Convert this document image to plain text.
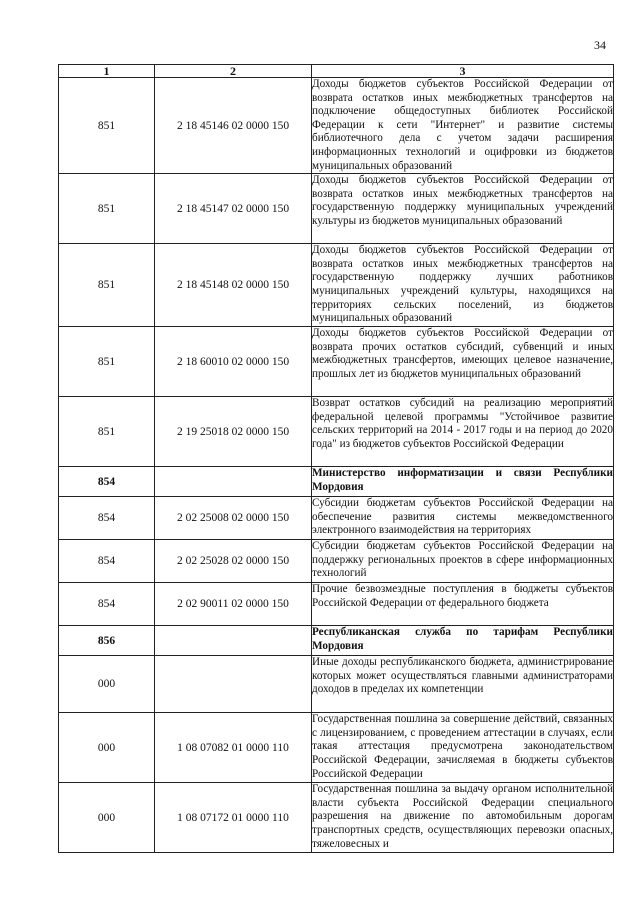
34
1	2	3
851	2 18 45146 02 0000 150	Доходы бюджетов субъектов Российской Федерации от возврата остатков иных межбюджетных трансфертов на подключение общедоступных библиотек Российской Федерации к сети "Интернет" и развитие системы библиотечного дела с учетом задачи расширения информационных технологий и оцифровки из бюджетов муниципальных образований
851	2 18 45147 02 0000 150	Доходы бюджетов субъектов Российской Федерации от возврата остатков иных межбюджетных трансфертов на государственную поддержку муниципальных учреждений культуры из бюджетов муниципальных образований
851	2 18 45148 02 0000 150	Доходы бюджетов субъектов Российской Федерации от возврата остатков иных межбюджетных трансфертов на государственную поддержку лучших работников муниципальных учреждений культуры, находящихся на территориях сельских поселений, из бюджетов муниципальных образований
851	2 18 60010 02 0000 150	Доходы бюджетов субъектов Российской Федерации от возврата прочих остатков субсидий, субвенций и иных межбюджетных трансфертов, имеющих целевое назначение, прошлых лет из бюджетов муниципальных образований
851	2 19 25018 02 0000 150	Возврат остатков субсидий на реализацию мероприятий федеральной целевой программы "Устойчивое развитие сельских территорий на 2014 - 2017 годы и на период до 2020 года" из бюджетов субъектов Российской Федерации
854		Министерство информатизации и связи Республики Мордовия
854	2 02 25008 02 0000 150	Субсидии бюджетам субъектов Российской Федерации на обеспечение развития системы межведомственного электронного взаимодействия на территориях
854	2 02 25028 02 0000 150	Субсидии бюджетам субъектов Российской Федерации на поддержку региональных проектов в сфере информационных технологий
854	2 02 90011 02 0000 150	Прочие безвозмездные поступления в бюджеты субъектов Российской Федерации от федерального бюджета
856		Республиканская служба по тарифам Республики Мордовия
000		Иные доходы республиканского бюджета, администрирование которых может осуществляться главными администраторами доходов в пределах их компетенции
000	1 08 07082 01 0000 110	Государственная пошлина за совершение действий, связанных с лицензированием, с проведением аттестации в случаях, если такая аттестация предусмотрена законодательством Российской Федерации, зачисляемая в бюджеты субъектов Российской Федерации
000	1 08 07172 01 0000 110	Государственная пошлина за выдачу органом исполнительной власти субъекта Российской Федерации специального разрешения на движение по автомобильным дорогам транспортных средств, осуществляющих перевозки опасных, тяжеловесных и
